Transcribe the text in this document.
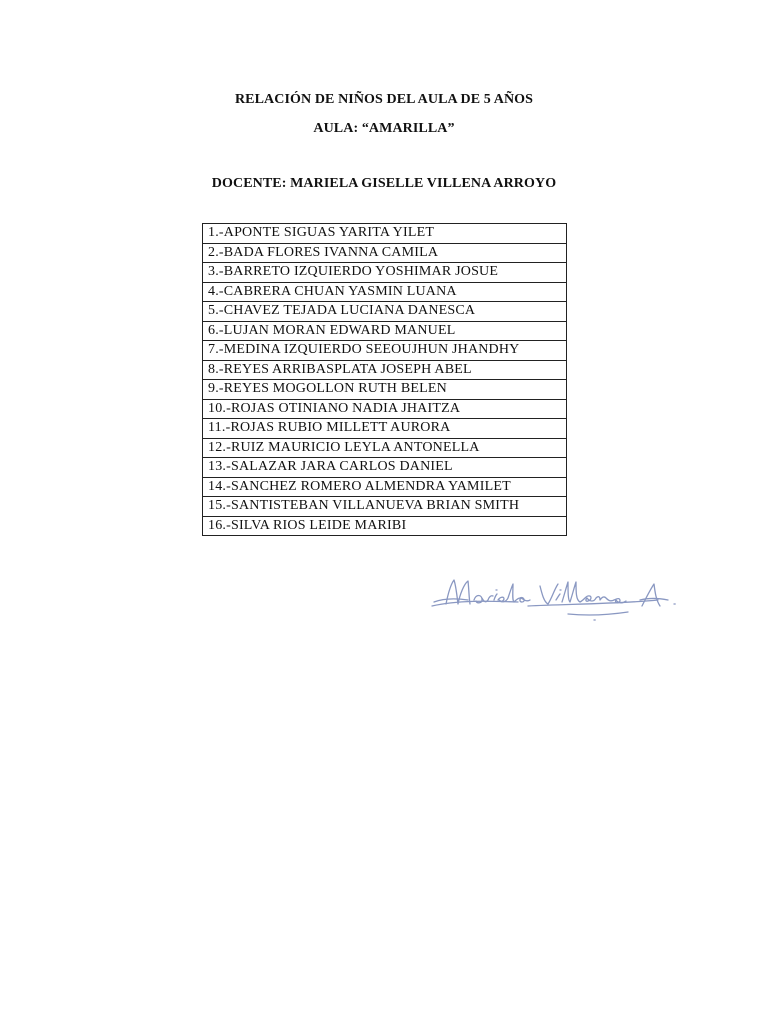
RELACIÓN DE NIÑOS DEL AULA DE 5 AÑOS
AULA: “AMARILLA”
DOCENTE: MARIELA GISELLE VILLENA ARROYO
1.-APONTE SIGUAS YARITA YILET
2.-BADA FLORES IVANNA CAMILA
3.-BARRETO IZQUIERDO YOSHIMAR JOSUE
4.-CABRERA CHUAN YASMIN LUANA
5.-CHAVEZ TEJADA LUCIANA DANESCA
6.-LUJAN MORAN EDWARD MANUEL
7.-MEDINA IZQUIERDO SEEOUJHUN JHANDHY
8.-REYES ARRIBASPLATA JOSEPH ABEL
9.-REYES MOGOLLON RUTH BELEN
10.-ROJAS OTINIANO NADIA JHAITZA
11.-ROJAS RUBIO MILLETT AURORA
12.-RUIZ MAURICIO LEYLA ANTONELLA
13.-SALAZAR JARA CARLOS DANIEL
14.-SANCHEZ ROMERO ALMENDRA YAMILET
15.-SANTISTEBAN VILLANUEVA BRIAN SMITH
16.-SILVA RIOS LEIDE MARIBI
